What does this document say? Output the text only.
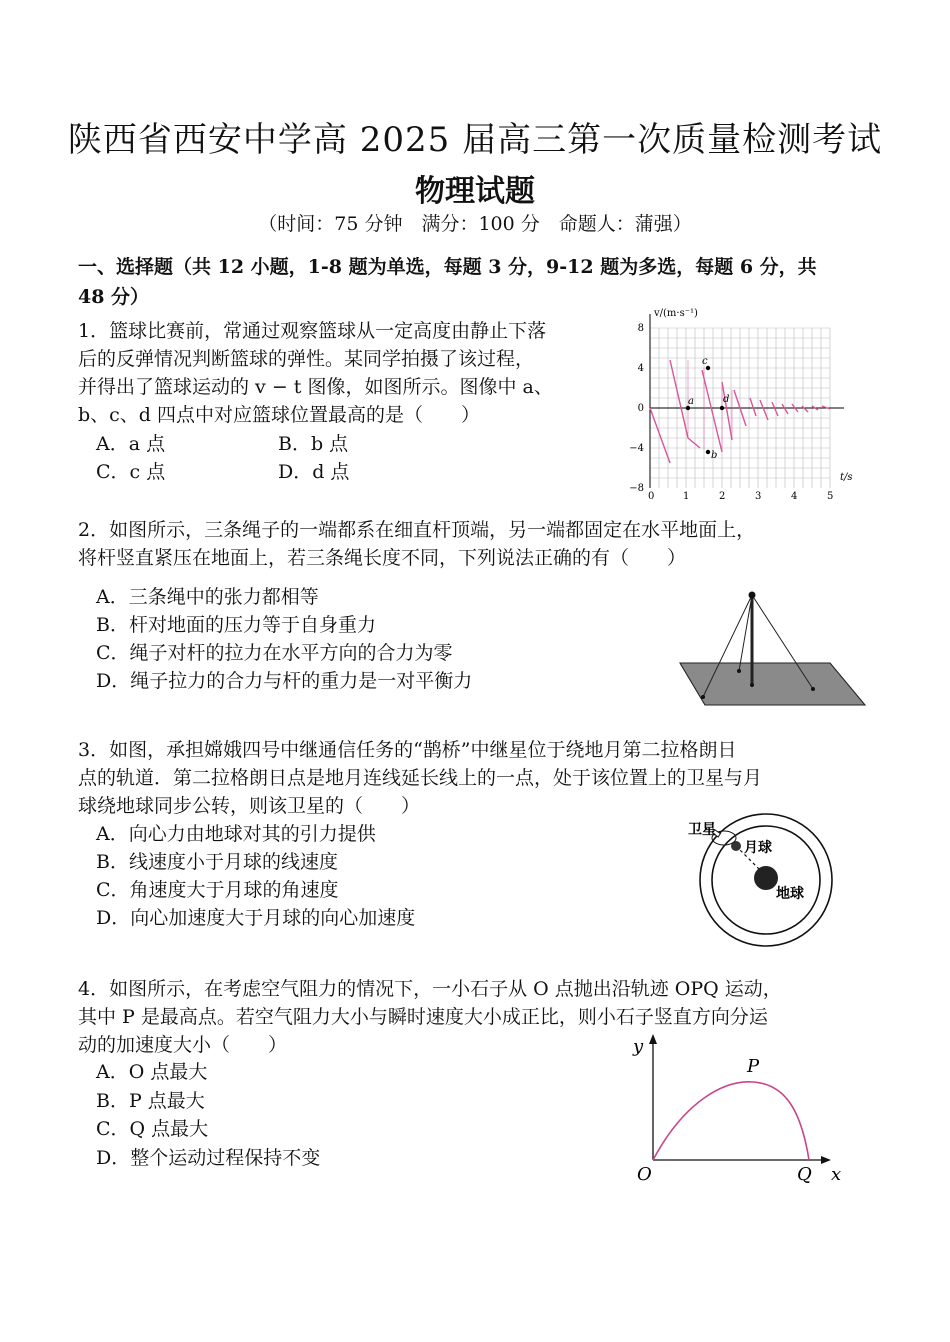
陕西省西安中学高 2025 届高三第一次质量检测考试
物理试题
（时间：75 分钟　满分：100 分　命题人：蒲强）
一、选择题（共 12 小题，1-8 题为单选，每题 3 分，9-12 题为多选，每题 6 分，共
48 分）
1．篮球比赛前，常通过观察篮球从一定高度由静止下落
后的反弹情况判断篮球的弹性。某同学拍摄了该过程，
并得出了篮球运动的 v − t 图像，如图所示。图像中 a、
b、c、d 四点中对应篮球位置最高的是（　　）
A．a 点	B．b 点
C．c 点	D．d 点
a
b
c
d
v/(m·s⁻¹)
t/s
8
4
0
−4
−8
0	1	2	3	4	5
2．如图所示，三条绳子的一端都系在细直杆顶端，另一端都固定在水平地面上，
将杆竖直紧压在地面上，若三条绳长度不同，下列说法正确的有（　　）
A．三条绳中的张力都相等
B．杆对地面的压力等于自身重力
C．绳子对杆的拉力在水平方向的合力为零
D．绳子拉力的合力与杆的重力是一对平衡力
3．如图，承担嫦娥四号中继通信任务的“鹊桥”中继星位于绕地月第二拉格朗日
点的轨道．第二拉格朗日点是地月连线延长线上的一点，处于该位置上的卫星与月
球绕地球同步公转，则该卫星的（　　）
A．向心力由地球对其的引力提供
B．线速度小于月球的线速度
C．角速度大于月球的角速度
D．向心加速度大于月球的向心加速度
卫星
月球
地球
4．如图所示，在考虑空气阻力的情况下，一小石子从 O 点抛出沿轨迹 OPQ 运动，
其中 P 是最高点。若空气阻力大小与瞬时速度大小成正比，则小石子竖直方向分运
动的加速度大小（　　）
A．O 点最大
B．P 点最大
C．Q 点最大
D．整个运动过程保持不变
y
x
O
P
Q
